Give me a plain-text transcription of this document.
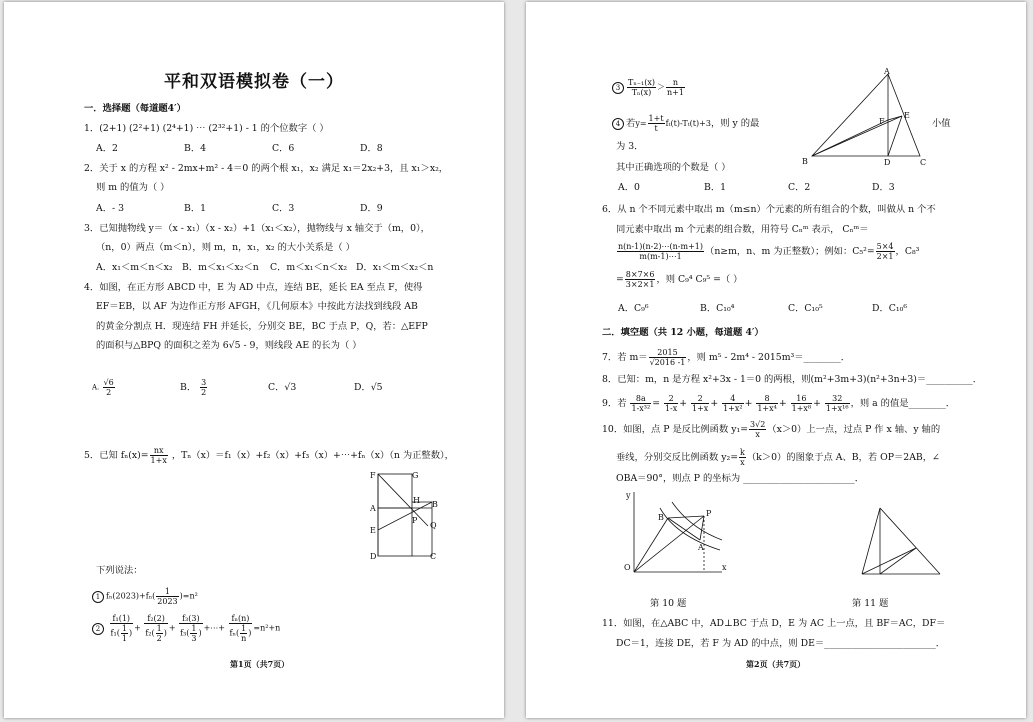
平和双语模拟卷（一）
一．选择题（每道题4′）
1．(2+1) (2²+1) (2⁴+1) ⋯ (2³²+1) - 1 的个位数字（ ）
A．2	B．4	C．6	D．8
2．关于 x 的方程 x² - 2mx+m² - 4＝0 的两个根 x₁，x₂ 满足 x₁＝2x₂+3，且 x₁＞x₂，
则 m 的值为（ ）
A．- 3	B．1	C．3	D．9
3．已知抛物线 y＝（x - x₁）（x - x₂）+1（x₁＜x₂），抛物线与 x 轴交于（m，0），
（n，0）两点（m＜n），则 m，n，x₁，x₂ 的大小关系是（ ）
A．x₁＜m＜n＜x₂ B．m＜x₁＜x₂＜n C．m＜x₁＜n＜x₂ D．x₁＜m＜x₂＜n
4．如图，在正方形 ABCD 中，E 为 AD 中点，连结 BE，延长 EA 至点 F，使得
EF＝EB，以 AF 为边作正方形 AFGH，《几何原本》中按此方法找到线段 AB
的黄金分割点 H．现连结 FH 并延长，分别交 BE，BC 于点 P，Q，若：△EFP
的面积与△BPQ 的面积之差为 6√5 - 9，则线段 AE 的长为（ ）
A. $\frac{√6}{2}$	B． $\frac{3}{2}$	C．√3	D．√5
5．已知 $f_n(x)= \frac{nx}{1+x}$ ，Tₙ（x）＝f₁（x）+f₂（x）+f₃（x）+⋯+fₙ（x）（n 为正整数），
F	G
A
H B
E
P
Q
D	C
下列说法：
1 $f_n(2023)+f_n( \frac{1}{2023} )=n^2$
$2 \frac{\text{f₁(1)}}{f_1( \frac{1}{1} )} + \frac{\text{f₂(2)}}{f_2( \frac{1}{2} )} + \frac{\text{f₃(3)}}{f_3( \frac{1}{3} )}$ +⋯+ $\frac{\text{fₙ(n)}}{f_n( \frac{1}{n} )} =n^2+n$
第1页（共7页）
$3 \frac{\text{Tₙ₋₁(x)}}{\text{Tₙ(x)}} > \frac{n}{n+1}$
4 若$y= \frac{1+t}{t} f_t(t)-T_t(t)+3$，则 y 的最	小值
为 3．
其中正确选项的个数是（ ）
A．0	B．1	C．2	D．3
A
F
E
B	D	C
6．从 n 个不同元素中取出 m（m≤n）个元素的所有组合的个数，叫做从 n 个不
同元素中取出 m 个元素的组合数，用符号 Cₙᵐ 表示， Cₙᵐ＝
$\frac{n(n-1)(n-2)\cdots(n-m+1)}{m(m-1)\cdots 1} (n\ge m$，n、m 为正整数）；例如：$C_5^2= \frac{5\times 4}{2\times 1}$ ，C₈³
= $\frac{8\times 7\times 6}{3\times 2\times 1}$ ，则 C₉⁴ C₉⁵ =（ ）
A．C₉⁶	B．C₁₀⁴	C．C₁₀⁵	D．C₁₀⁶
二．填空题（共 12 小题，每道题 4′）
7．若 $m= \frac{2015}{√2016 -1}$ ，则 m⁵ - 2m⁴ - 2015m³＝________．
8．已知：m，n 是方程 x²+3x - 1＝0 的两根，则(m²+3m+3)(n²+3n+3)＝__________．
9．若 $\frac{8a}{\text{1-x³²}} = \frac{2}{1-x} + \frac{2}{1+x} + \frac{4}{\text{1+x²}} + \frac{8}{\text{1+x⁴}} + \frac{16}{\text{1+x⁸}} + \frac{32}{\text{1+x¹⁶}}$ ，则 a 的值是________．
10．如图，点 P 是反比例函数 $y_1= \frac{3√2}{x} (x>0)$上一点，过点 P 作 x 轴、y 轴的
垂线，分别交反比例函数 $y_2= \frac{k}{x} (k>0)$的图象于点 A、B，若 OP＝2AB，∠
OBA＝90°，则点 P 的坐标为 ________________________．
y
B	P
A
O	x
第 10 题	第 11 题
11．如图，在△ABC 中，AD⊥BC 于点 D，E 为 AC 上一点，且 BF＝AC，DF＝
DC＝1，连接 DE，若 F 为 AD 的中点，则 DE＝________________________．
第2页（共7页）
